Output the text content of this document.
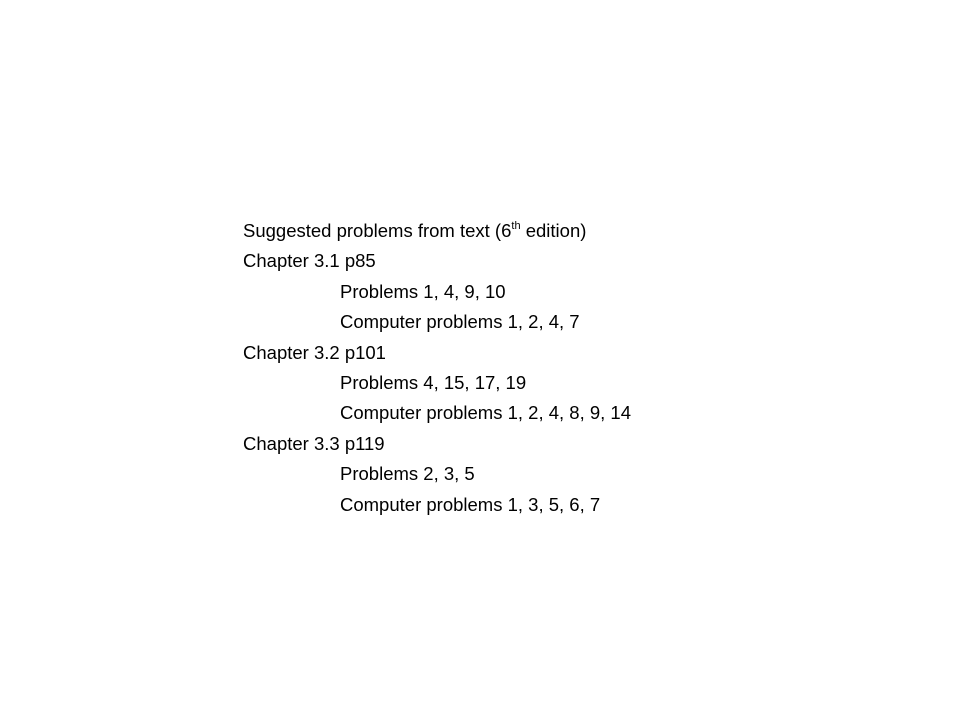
Suggested problems from text (6th edition)
Chapter 3.1 p85
Problems 1, 4, 9, 10
Computer problems 1, 2, 4, 7
Chapter 3.2 p101
Problems 4, 15, 17, 19
Computer problems 1, 2, 4, 8, 9, 14
Chapter 3.3 p119
Problems 2, 3, 5
Computer problems 1, 3, 5, 6, 7
